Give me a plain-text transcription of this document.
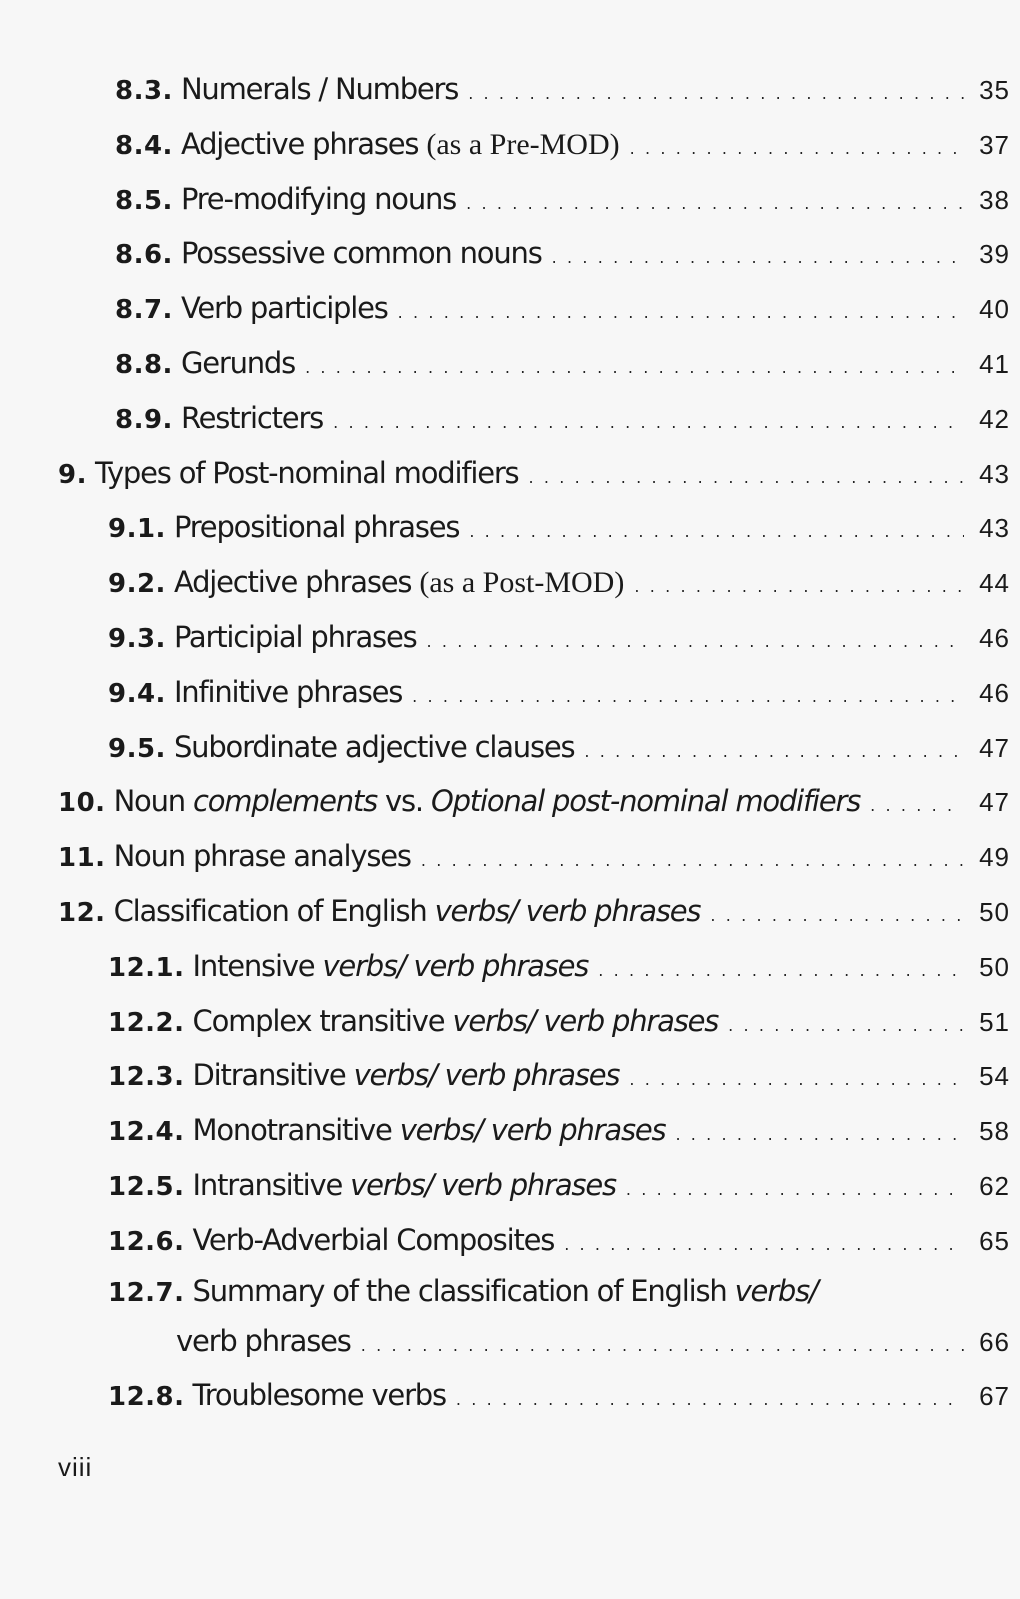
8.3. Numerals / Numbers . . .	35
8.4. Adjective phrases (as a Pre-MOD) . . .	37
8.5. Pre-modifying nouns . . .	38
8.6. Possessive common nouns . . .	39
8.7. Verb participles . . .	40
8.8. Gerunds . . .	41
8.9. Restricters . . .	42
9. Types of Post-nominal modifiers . . .	43
9.1. Prepositional phrases . . .	43
9.2. Adjective phrases (as a Post-MOD) . . .	44
9.3. Participial phrases . . .	46
9.4. Infinitive phrases . . .	46
9.5. Subordinate adjective clauses . . .	47
10. Noun complements vs. Optional post-nominal modifiers . . .	47
11. Noun phrase analyses . . .	49
12. Classification of English verbs/ verb phrases . . .	50
12.1. Intensive verbs/ verb phrases . . .	50
12.2. Complex transitive verbs/ verb phrases . . .	51
12.3. Ditransitive verbs/ verb phrases . . .	54
12.4. Monotransitive verbs/ verb phrases . . .	58
12.5. Intransitive verbs/ verb phrases . . .	62
12.6. Verb-Adverbial Composites . . .	65
12.7. Summary of the classification of English verbs/
verb phrases . . .	66
12.8. Troublesome verbs . . .	67
viii
